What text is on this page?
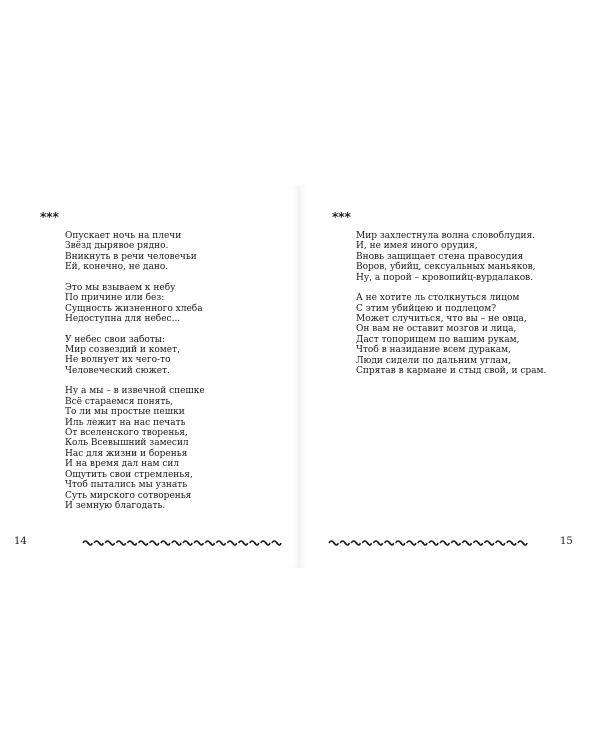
***
Опускает ночь на плечи
Звёзд дырявое рядно.
Вникнуть в речи человечьи
Ей, конечно, не дано.
Это мы взываем к небу
По причине или без:
Сущность жизненного хлеба
Недоступна для небес...
У небес свои заботы:
Мир созвездий и комет,
Не волнует их чего-то
Человеческий сюжет.
Ну а мы – в извечной спешке
Всё стараемся понять,
То ли мы простые пешки
Иль лежит на нас печать
От вселенского творенья,
Коль Всевышний замесил
Нас для жизни и боренья
И на время дал нам сил
Ощутить свои стремленья,
Чтоб пытались мы узнать
Суть мирского сотворенья
И земную благодать.
14
***
Мир захлестнула волна словоблудия.
И, не имея иного орудия,
Вновь защищает стена правосудия
Воров, убийц, сексуальных маньяков,
Ну, а порой – кровопийц-вурдалаков.
А не хотите ль столкнуться лицом
С этим убийцею и подлецом?
Может случиться, что вы – не овца,
Он вам не оставит мозгов и лица,
Даст топорищем по вашим рукам,
Чтоб в назидание всем дуракам,
Люди сидели по дальним углам,
Спрятав в кармане и стыд свой, и срам.
15
